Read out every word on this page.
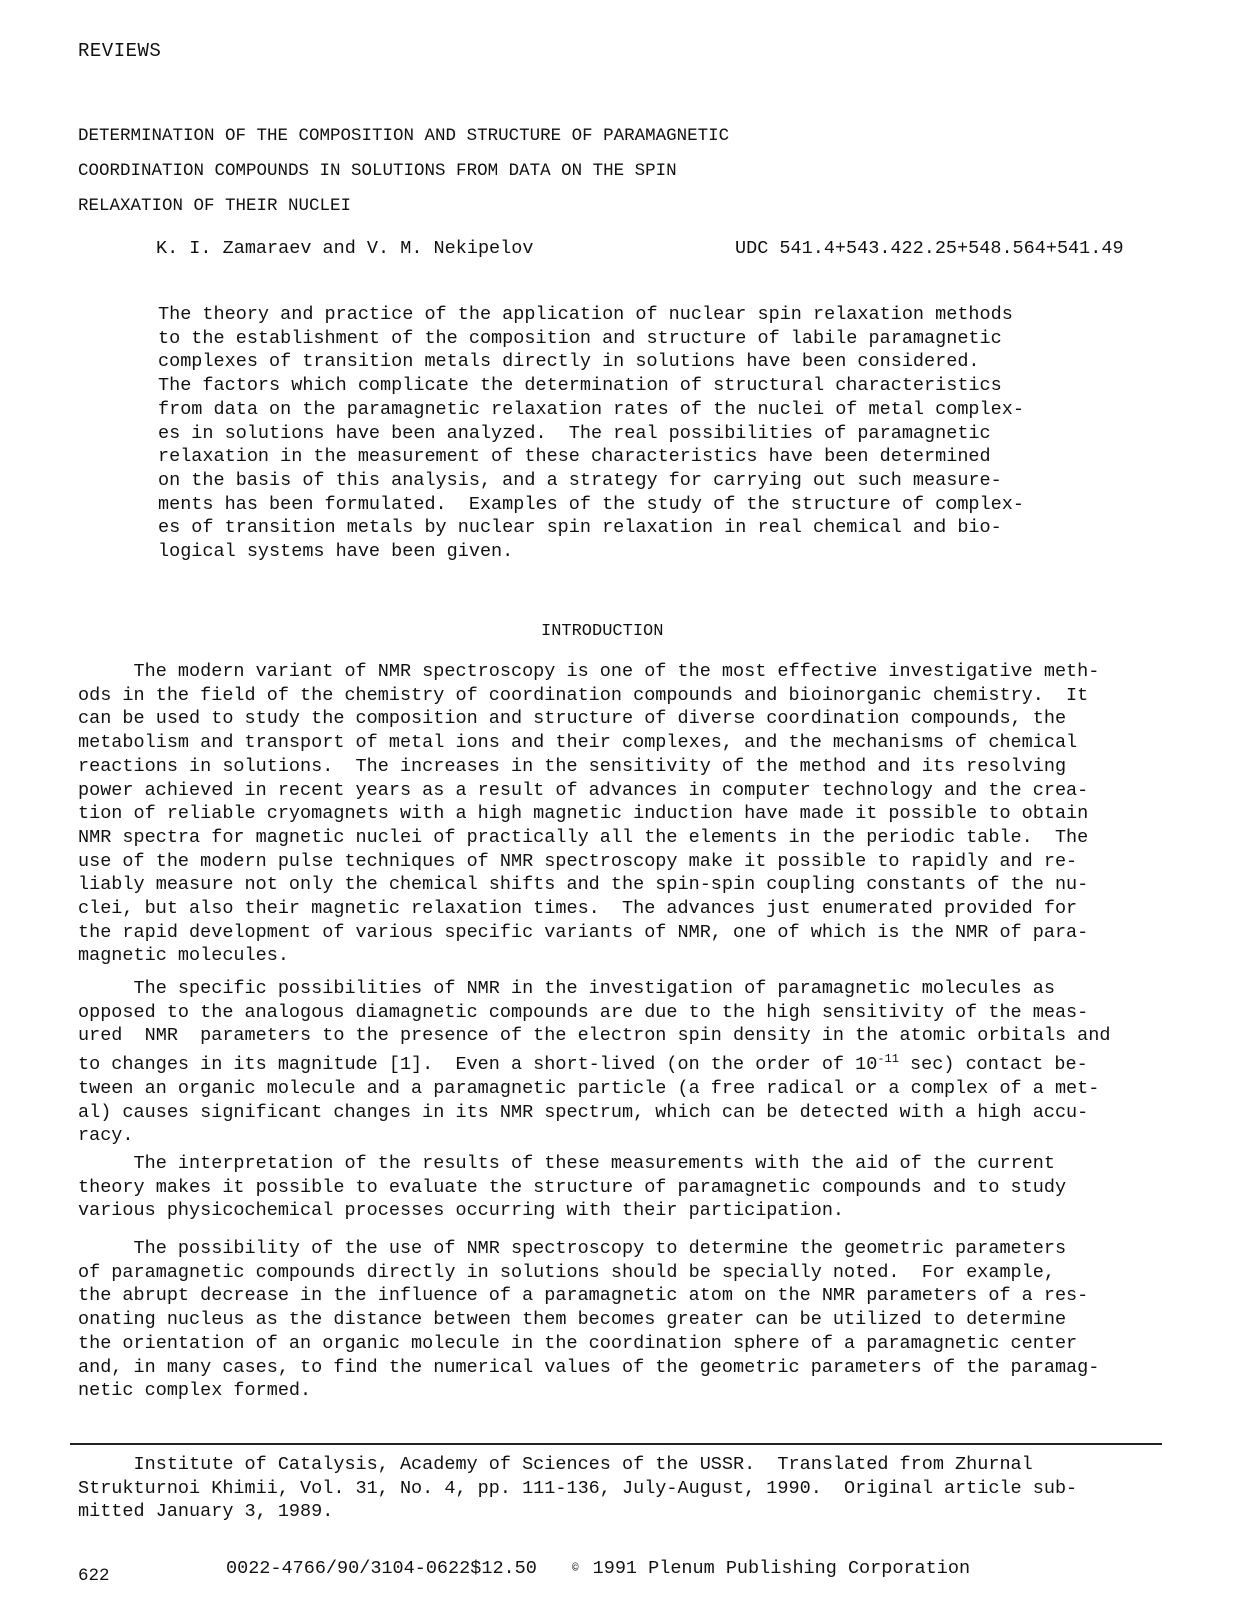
REVIEWS
DETERMINATION OF THE COMPOSITION AND STRUCTURE OF PARAMAGNETIC
COORDINATION COMPOUNDS IN SOLUTIONS FROM DATA ON THE SPIN
RELAXATION OF THEIR NUCLEI
K. I. Zamaraev and V. M. Nekipelov	UDC 541.4+543.422.25+548.564+541.49
The theory and practice of the application of nuclear spin relaxation methods
to the establishment of the composition and structure of labile paramagnetic
complexes of transition metals directly in solutions have been considered.
The factors which complicate the determination of structural characteristics
from data on the paramagnetic relaxation rates of the nuclei of metal complex-
es in solutions have been analyzed.  The real possibilities of paramagnetic
relaxation in the measurement of these characteristics have been determined
on the basis of this analysis, and a strategy for carrying out such measure-
ments has been formulated.  Examples of the study of the structure of complex-
es of transition metals by nuclear spin relaxation in real chemical and bio-
logical systems have been given.
INTRODUCTION
The modern variant of NMR spectroscopy is one of the most effective investigative meth-
ods in the field of the chemistry of coordination compounds and bioinorganic chemistry.  It
can be used to study the composition and structure of diverse coordination compounds, the
metabolism and transport of metal ions and their complexes, and the mechanisms of chemical
reactions in solutions.  The increases in the sensitivity of the method and its resolving
power achieved in recent years as a result of advances in computer technology and the crea-
tion of reliable cryomagnets with a high magnetic induction have made it possible to obtain
NMR spectra for magnetic nuclei of practically all the elements in the periodic table.  The
use of the modern pulse techniques of NMR spectroscopy make it possible to rapidly and re-
liably measure not only the chemical shifts and the spin-spin coupling constants of the nu-
clei, but also their magnetic relaxation times.  The advances just enumerated provided for
the rapid development of various specific variants of NMR, one of which is the NMR of para-
magnetic molecules.
The specific possibilities of NMR in the investigation of paramagnetic molecules as
opposed to the analogous diamagnetic compounds are due to the high sensitivity of the meas-
ured  NMR  parameters to the presence of the electron spin density in the atomic orbitals and
to changes in its magnitude [1].  Even a short-lived (on the order of $10^{-11}$ sec) contact be-
tween an organic molecule and a paramagnetic particle (a free radical or a complex of a met-
al) causes significant changes in its NMR spectrum, which can be detected with a high accu-
racy.
The interpretation of the results of these measurements with the aid of the current
theory makes it possible to evaluate the structure of paramagnetic compounds and to study
various physicochemical processes occurring with their participation.
The possibility of the use of NMR spectroscopy to determine the geometric parameters
of paramagnetic compounds directly in solutions should be specially noted.  For example,
the abrupt decrease in the influence of a paramagnetic atom on the NMR parameters of a res-
onating nucleus as the distance between them becomes greater can be utilized to determine
the orientation of an organic molecule in the coordination sphere of a paramagnetic center
and, in many cases, to find the numerical values of the geometric parameters of the paramag-
netic complex formed.
Institute of Catalysis, Academy of Sciences of the USSR.  Translated from Zhurnal
Strukturnoi Khimii, Vol. 31, No. 4, pp. 111-136, July-August, 1990.  Original article sub-
mitted January 3, 1989.
622	0022-4766/90/3104-0622$12.50	© 1991 Plenum Publishing Corporation
